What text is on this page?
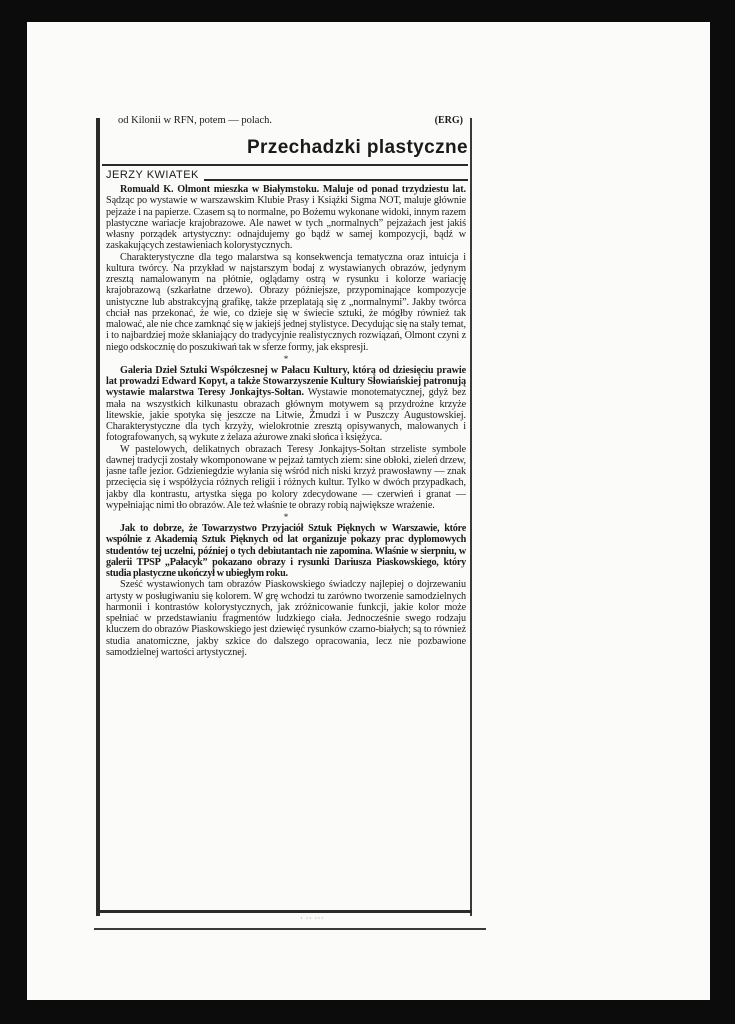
od Kilonii w RFN, potem — polach.	(ERG)
Przechadzki plastyczne
JERZY KWIATEK

Romuald K. Olmont mieszka w Białymstoku. Maluje od ponad trzydziestu lat. Sądząc po wystawie w warszawskim Klubie Prasy i Książki Sigma NOT, maluje głównie pejzaże i na papierze. Czasem są to normalne, po Bożemu wykonane widoki, innym razem plastyczne wariacje krajobrazowe. Ale nawet w tych „normalnych” pejzażach jest jakiś własny porządek artystyczny: odnajdujemy go bądź w samej kompozycji, bądź w zaskakujących zestawieniach kolorystycznych.

Charakterystyczne dla tego malarstwa są konsekwencja tematyczna oraz intuicja i kultura twórcy. Na przykład w najstarszym bodaj z wystawianych obrazów, jedynym zresztą namalowanym na płótnie, oglądamy ostrą w rysunku i kolorze wariację krajobrazową (szkarłatne drzewo). Obrazy późniejsze, przypominające kompozycje unistyczne lub abstrakcyjną grafikę, także przeplatają się z „normalnymi”. Jakby twórca chciał nas przekonać, że wie, co dzieje się w świecie sztuki, że mógłby również tak malować, ale nie chce zamknąć się w jakiejś jednej stylistyce. Decydując się na stały temat, i to najbardziej może skłaniający do tradycyjnie realistycznych rozwiązań, Olmont czyni z niego odskocznię do poszukiwań tak w sferze formy, jak ekspresji.

*

Galeria Dzieł Sztuki Współczesnej w Pałacu Kultury, którą od dziesięciu prawie lat prowadzi Edward Kopyt, a także Stowarzyszenie Kultury Słowiańskiej patronują wystawie malarstwa Teresy Jonkajtys-Sołtan. Wystawie monotematycznej, gdyż bez mała na wszystkich kilkunastu obrazach głównym motywem są przydrożne krzyże litewskie, jakie spotyka się jeszcze na Litwie, Żmudzi i w Puszczy Augustowskiej. Charakterystyczne dla tych krzyży, wielokrotnie zresztą opisywanych, malowanych i fotografowanych, są wykute z żelaza ażurowe znaki słońca i księżyca.

W pastelowych, delikatnych obrazach Teresy Jonkajtys-Sołtan strzeliste symbole dawnej tradycji zostały wkomponowane w pejzaż tamtych ziem: sine obłoki, zieleń drzew, jasne tafle jezior. Gdzieniegdzie wyłania się wśród nich niski krzyż prawosławny — znak przecięcia się i współżycia różnych religii i różnych kultur. Tylko w dwóch przypadkach, jakby dla kontrastu, artystka sięga po kolory zdecydowane — czerwień i granat — wypełniając nimi tło obrazów. Ale też właśnie te obrazy robią największe wrażenie.

*

Jak to dobrze, że Towarzystwo Przyjaciół Sztuk Pięknych w Warszawie, które wspólnie z Akademią Sztuk Pięknych od lat organizuje pokazy prac dyplomowych studentów tej uczelni, później o tych debiutantach nie zapomina. Właśnie w sierpniu, w galerii TPSP „Pałacyk” pokazano obrazy i rysunki Dariusza Piaskowskiego, który studia plastyczne ukończył w ubiegłym roku.

Sześć wystawionych tam obrazów Piaskowskiego świadczy najlepiej o dojrzewaniu artysty w posługiwaniu się kolorem. W grę wchodzi tu zarówno tworzenie samodzielnych harmonii i kontrastów kolorystycznych, jak zróżnicowanie funkcji, jakie kolor może spełniać w przedstawianiu fragmentów ludzkiego ciała. Jednocześnie swego rodzaju kluczem do obrazów Piaskowskiego jest dziewięć rysunków czarno-białych; są to również studia anatomiczne, jakby szkice do dalszego opracowania, lecz nie pozbawione samodzielnej wartości artystycznej.

· ·· ···
